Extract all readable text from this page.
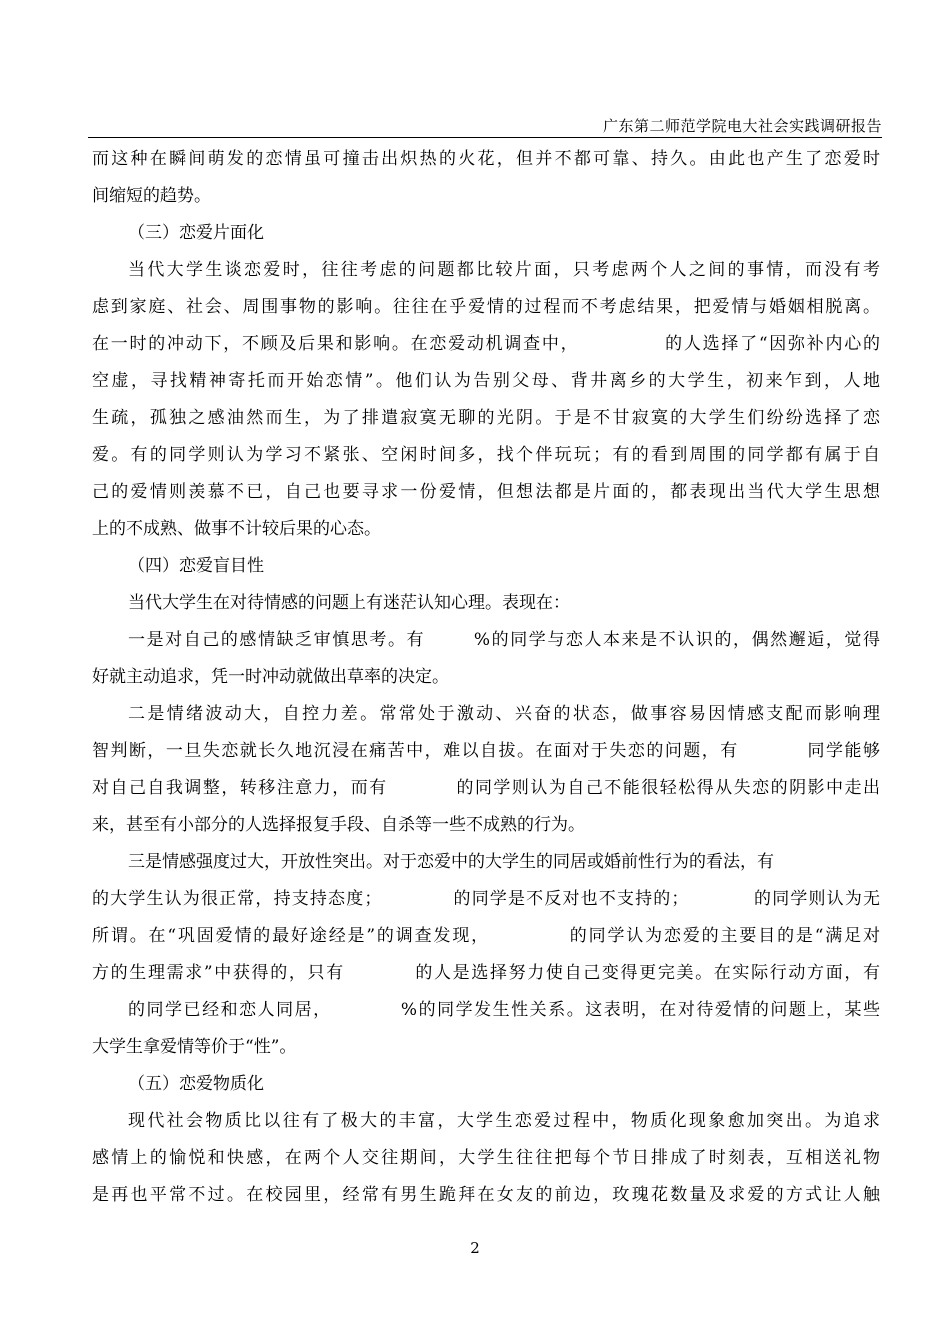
广东第二师范学院电大社会实践调研报告
而这种在瞬间萌发的恋情虽可撞击出炽热的火花，但并不都可靠、持久。由此也产生了恋爱时
间缩短的趋势。
（三）恋爱片面化
当代大学生谈恋爱时，往往考虑的问题都比较片面，只考虑两个人之间的事情，而没有考
虑到家庭、社会、周围事物的影响。往往在乎爱情的过程而不考虑结果，把爱情与婚姻相脱离。
在一时的冲动下，不顾及后果和影响。在恋爱动机调查中，            的人选择了“因弥补内心的
空虚，寻找精神寄托而开始恋情”。他们认为告别父母、背井离乡的大学生，初来乍到，人地
生疏，孤独之感油然而生，为了排遣寂寞无聊的光阴。于是不甘寂寞的大学生们纷纷选择了恋
爱。有的同学则认为学习不紧张、空闲时间多，找个伴玩玩；有的看到周围的同学都有属于自
己的爱情则羡慕不已，自己也要寻求一份爱情，但想法都是片面的，都表现出当代大学生思想
上的不成熟、做事不计较后果的心态。
（四）恋爱盲目性
当代大学生在对待情感的问题上有迷茫认知心理。表现在：
一是对自己的感情缺乏审慎思考。有       %的同学与恋人本来是不认识的，偶然邂逅，觉得
好就主动追求，凭一时冲动就做出草率的决定。
二是情绪波动大，自控力差。常常处于激动、兴奋的状态，做事容易因情感支配而影响理
智判断，一旦失恋就长久地沉浸在痛苦中，难以自拔。在面对于失恋的问题，有          同学能够
对自己自我调整，转移注意力，而有          的同学则认为自己不能很轻松得从失恋的阴影中走出
来，甚至有小部分的人选择报复手段、自杀等一些不成熟的行为。
三是情感强度过大，开放性突出。对于恋爱中的大学生的同居或婚前性行为的看法，有
的大学生认为很正常，持支持态度；           的同学是不反对也不支持的；          的同学则认为无
所谓。在“巩固爱情的最好途经是”的调查发现，           的同学认为恋爱的主要目的是“满足对
方的生理需求”中获得的，只有          的人是选择努力使自己变得更完美。在实际行动方面，有
的同学已经和恋人同居，          %的同学发生性关系。这表明，在对待爱情的问题上，某些
大学生拿爱情等价于“性”。
（五）恋爱物质化
现代社会物质比以往有了极大的丰富，大学生恋爱过程中，物质化现象愈加突出。为追求
感情上的愉悦和快感，在两个人交往期间，大学生往往把每个节日排成了时刻表，互相送礼物
是再也平常不过。在校园里，经常有男生跪拜在女友的前边，玫瑰花数量及求爱的方式让人触
2
